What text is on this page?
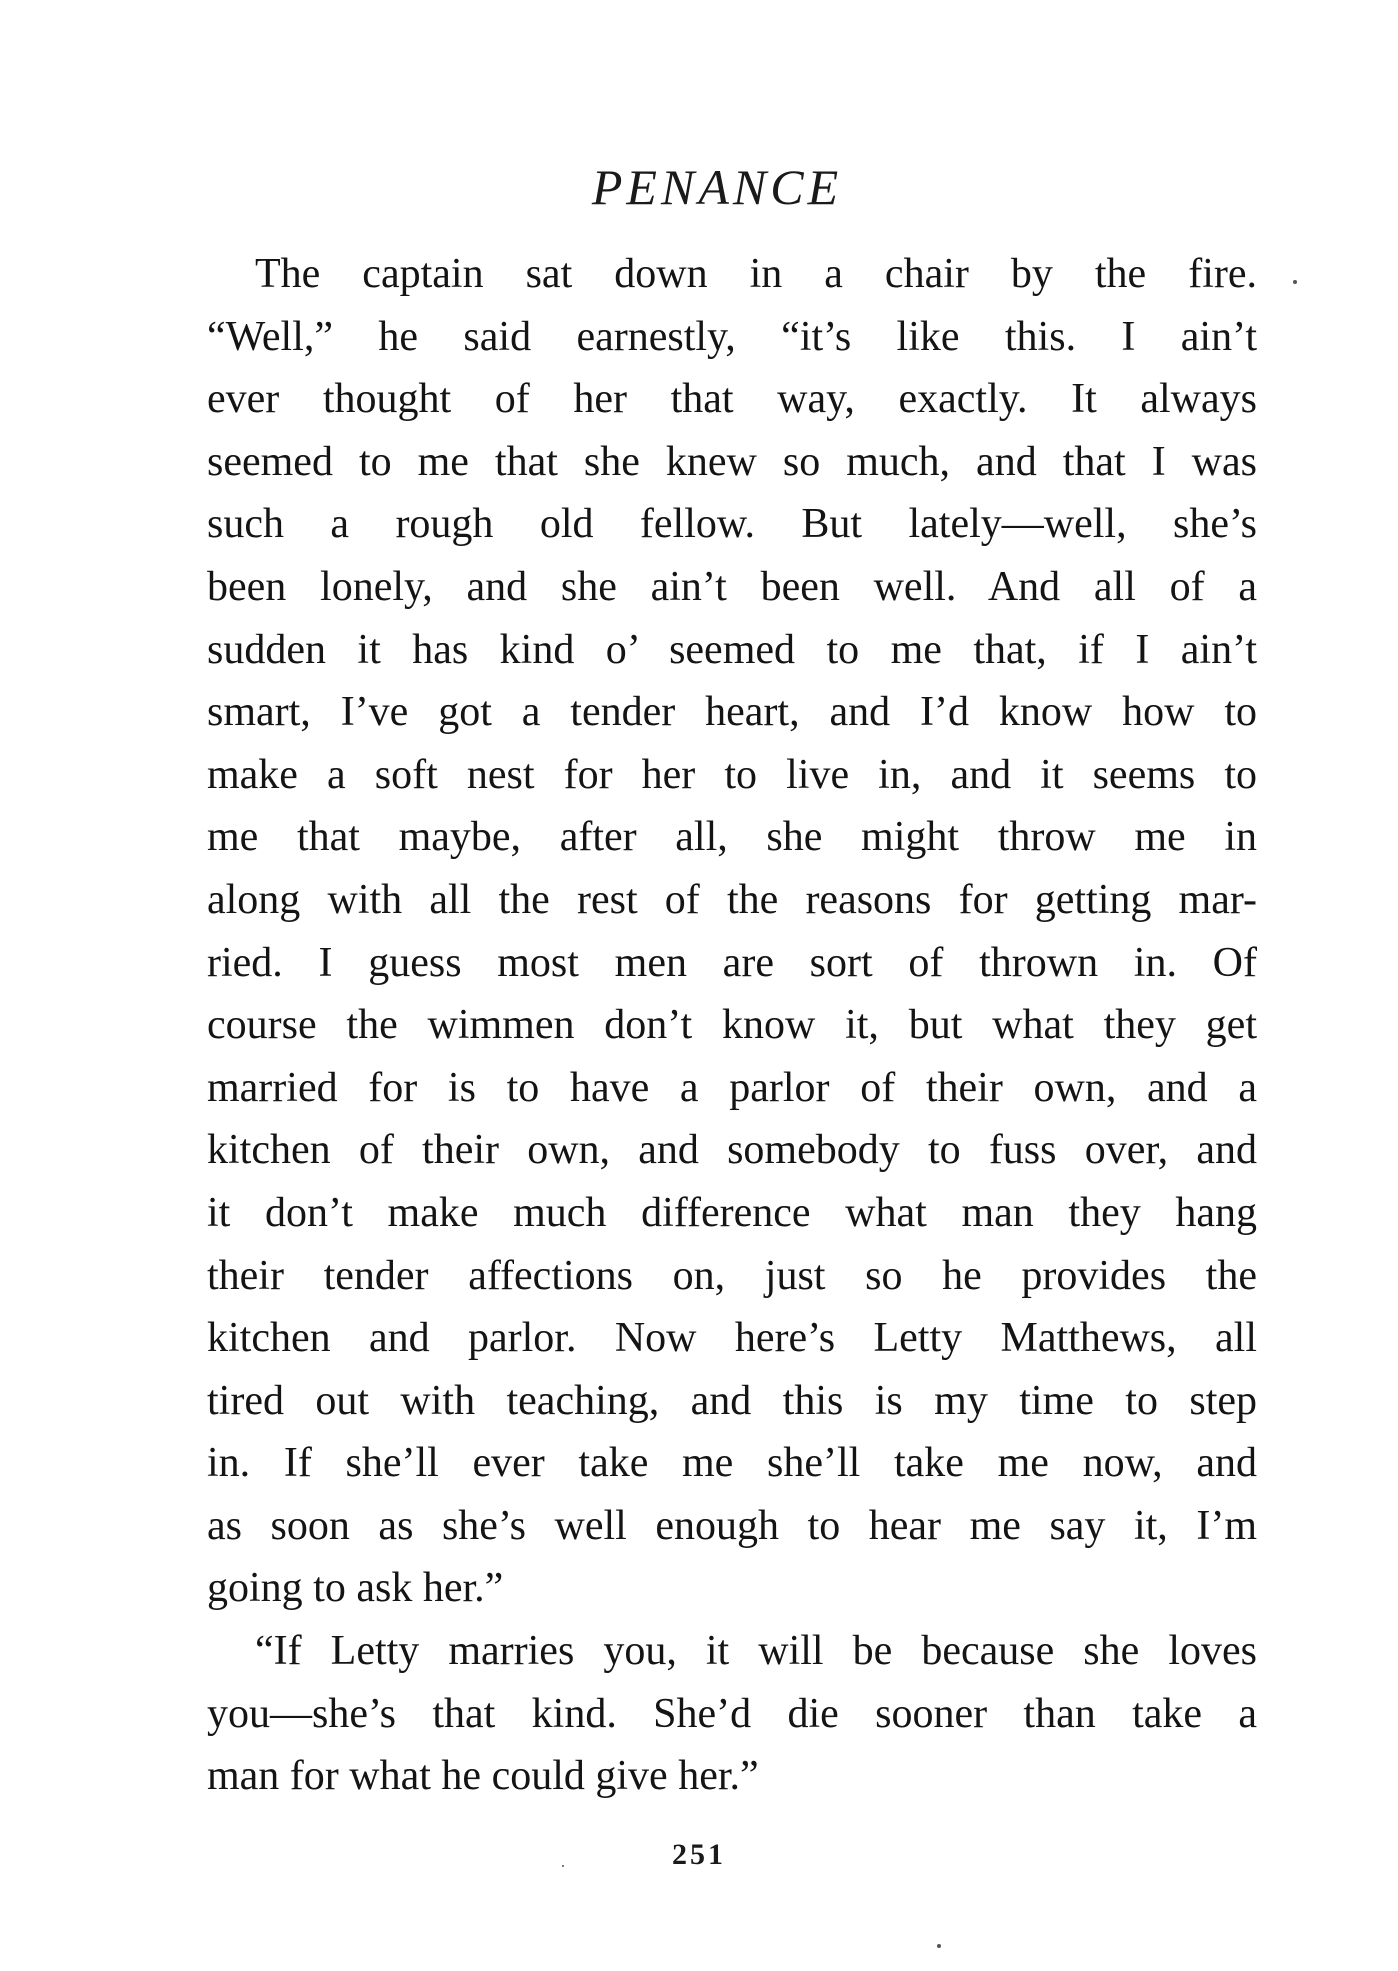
PENANCE
The captain sat down in a chair by the fire.
“Well,” he said earnestly, “it’s like this. I ain’t
ever thought of her that way, exactly. It always
seemed to me that she knew so much, and that I was
such a rough old fellow. But lately—well, she’s
been lonely, and she ain’t been well. And all of a
sudden it has kind o’ seemed to me that, if I ain’t
smart, I’ve got a tender heart, and I’d know how to
make a soft nest for her to live in, and it seems to
me that maybe, after all, she might throw me in
along with all the rest of the reasons for getting mar-
ried. I guess most men are sort of thrown in. Of
course the wimmen don’t know it, but what they get
married for is to have a parlor of their own, and a
kitchen of their own, and somebody to fuss over, and
it don’t make much difference what man they hang
their tender affections on, just so he provides the
kitchen and parlor. Now here’s Letty Matthews, all
tired out with teaching, and this is my time to step
in. If she’ll ever take me she’ll take me now, and
as soon as she’s well enough to hear me say it, I’m
going to ask her.”
“If Letty marries you, it will be because she loves
you—she’s that kind. She’d die sooner than take a
man for what he could give her.”
251
